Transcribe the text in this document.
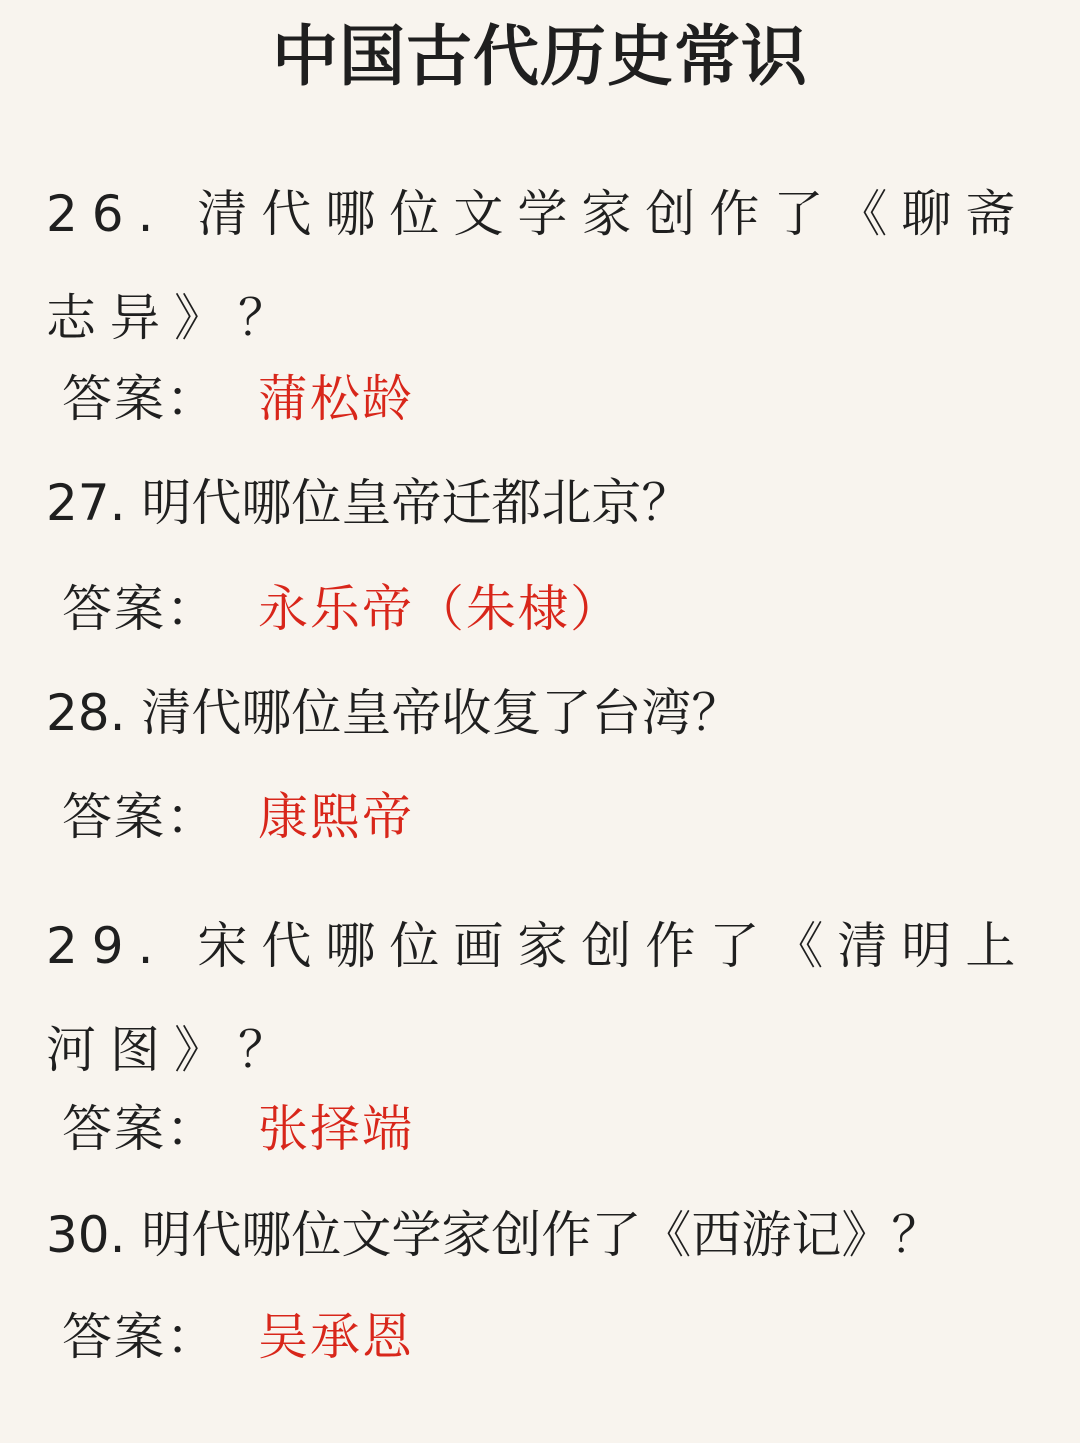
中国古代历史常识
26. 清代哪位文学家创作了《聊斋志异》？
答案： 蒲松龄
27. 明代哪位皇帝迁都北京？
答案： 永乐帝（朱棣）
28. 清代哪位皇帝收复了台湾？
答案： 康熙帝
29. 宋代哪位画家创作了《清明上河图》？
答案： 张择端
30. 明代哪位文学家创作了《西游记》？
答案： 吴承恩
